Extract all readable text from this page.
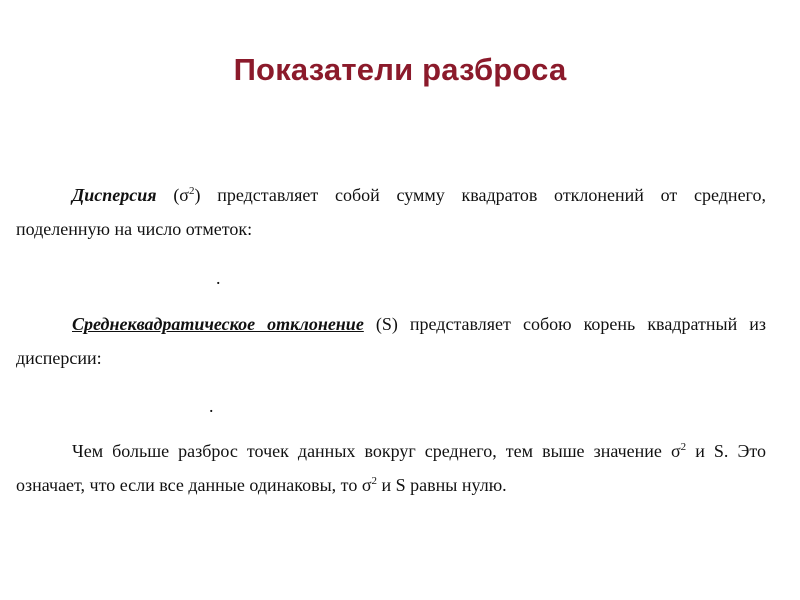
Показатели разброса
Дисперсия $(\sigma^2)$ представляет собой сумму квадратов отклонений от среднего, поделенную на число отметок:
.
Среднеквадратическое отклонение (S) представляет собою корень квадратный из дисперсии:
.
Чем больше разброс точек данных вокруг среднего, тем выше значение $\sigma^2$ и S. Это означает, что если все данные одинаковы, то $\sigma^2$ и S равны нулю.
